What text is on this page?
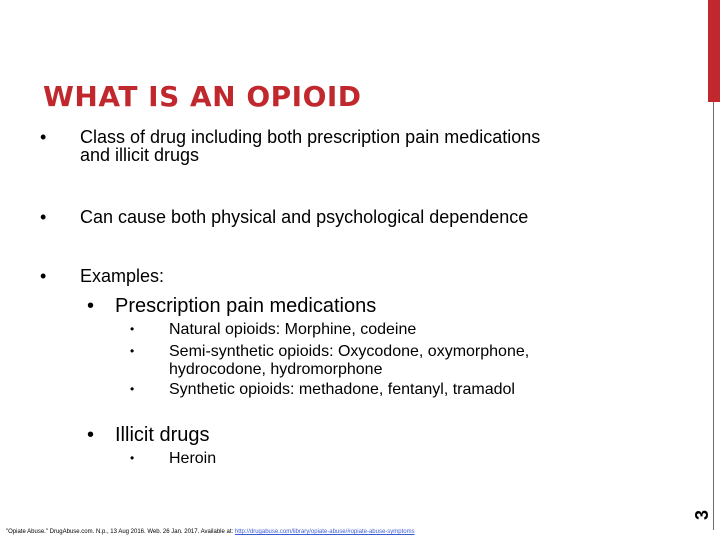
WHAT IS AN OPIOID
• Class of drug including both prescription pain medications
and illicit drugs
• Can cause both physical and psychological dependence
• Examples:
• Prescription pain medications
• Natural opioids: Morphine, codeine
• Semi-synthetic opioids: Oxycodone, oxymorphone,
hydrocodone, hydromorphone
• Synthetic opioids: methadone, fentanyl, tramadol
• Illicit drugs
• Heroin
3
"Opiate Abuse." DrugAbuse.com. N.p., 13 Aug 2016. Web. 26 Jan. 2017. Available at: http://drugabuse.com/library/opiate-abuse/#opiate-abuse-symptoms
